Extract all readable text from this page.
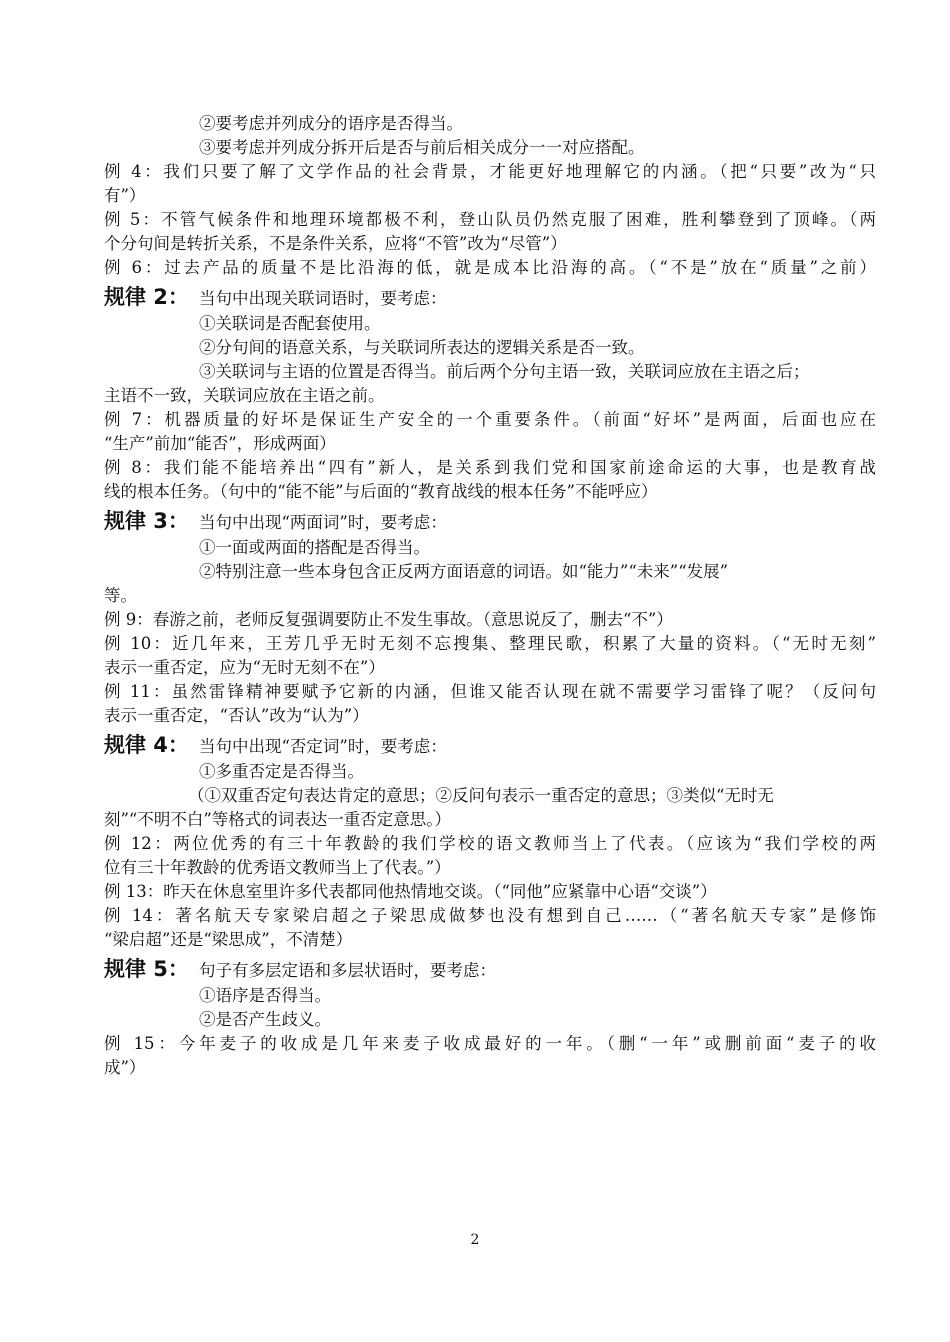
②要考虑并列成分的语序是否得当。

③要考虑并列成分拆开后是否与前后相关成分一一对应搭配。

例 4：我们只要了解了文学作品的社会背景，才能更好地理解它的内涵。（把“只要”改为“只

有”）

例 5：不管气候条件和地理环境都极不利，登山队员仍然克服了困难，胜利攀登到了顶峰。（两

个分句间是转折关系，不是条件关系，应将“不管”改为“尽管”）

例 6：过去产品的质量不是比沿海的低，就是成本比沿海的高。（“不是”放在“质量”之前）

规律 2： 当句中出现关联词语时，要考虑：

①关联词是否配套使用。

②分句间的语意关系，与关联词所表达的逻辑关系是否一致。

③关联词与主语的位置是否得当。前后两个分句主语一致，关联词应放在主语之后；

主语不一致，关联词应放在主语之前。

例 7：机器质量的好坏是保证生产安全的一个重要条件。（前面“好坏”是两面，后面也应在

“生产”前加“能否”，形成两面）

例 8：我们能不能培养出“四有”新人，是关系到我们党和国家前途命运的大事，也是教育战

线的根本任务。（句中的“能不能”与后面的“教育战线的根本任务”不能呼应）

规律 3： 当句中出现“两面词”时，要考虑：

①一面或两面的搭配是否得当。

②特别注意一些本身包含正反两方面语意的词语。如“能力”“未来”“发展”

等。

例 9：春游之前，老师反复强调要防止不发生事故。（意思说反了，删去“不”）

例 10：近几年来，王芳几乎无时无刻不忘搜集、整理民歌，积累了大量的资料。（“无时无刻”

表示一重否定，应为“无时无刻不在”）

例 11：虽然雷锋精神要赋予它新的内涵，但谁又能否认现在就不需要学习雷锋了呢？（反问句

表示一重否定，“否认”改为“认为”）

规律 4： 当句中出现“否定词”时，要考虑：

①多重否定是否得当。

（①双重否定句表达肯定的意思；②反问句表示一重否定的意思；③类似“无时无

刻”“不明不白”等格式的词表达一重否定意思。）

例 12：两位优秀的有三十年教龄的我们学校的语文教师当上了代表。（应该为“我们学校的两

位有三十年教龄的优秀语文教师当上了代表。”）

例 13：昨天在休息室里许多代表都同他热情地交谈。（“同他”应紧靠中心语“交谈”）

例 14：著名航天专家梁启超之子梁思成做梦也没有想到自己……（“著名航天专家”是修饰

“梁启超”还是“梁思成”，不清楚）

规律 5： 句子有多层定语和多层状语时，要考虑：

①语序是否得当。

②是否产生歧义。

例 15：今年麦子的收成是几年来麦子收成最好的一年。（删“一年”或删前面“麦子的收

成”）

2
